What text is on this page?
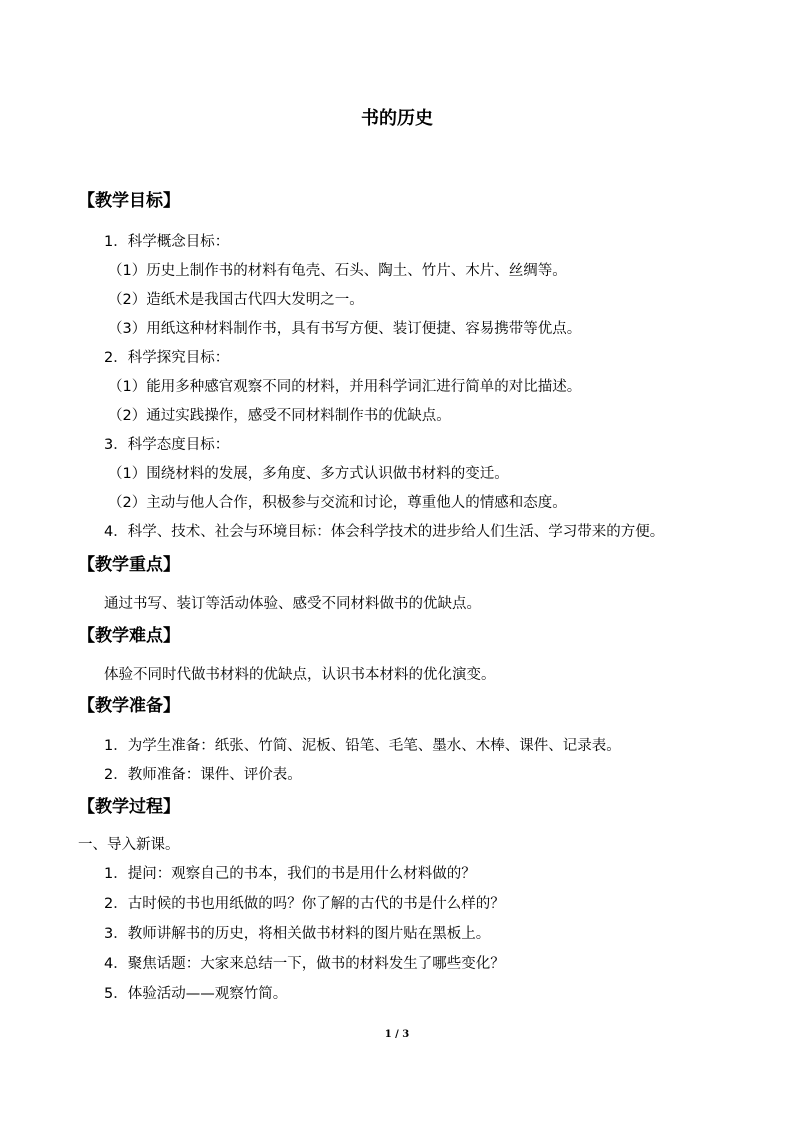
书的历史
【教学目标】
1．科学概念目标：
（1）历史上制作书的材料有龟壳、石头、陶土、竹片、木片、丝绸等。
（2）造纸术是我国古代四大发明之一。
（3）用纸这种材料制作书，具有书写方便、装订便捷、容易携带等优点。
2．科学探究目标：
（1）能用多种感官观察不同的材料，并用科学词汇进行简单的对比描述。
（2）通过实践操作，感受不同材料制作书的优缺点。
3．科学态度目标：
（1）围绕材料的发展，多角度、多方式认识做书材料的变迁。
（2）主动与他人合作，积极参与交流和讨论，尊重他人的情感和态度。
4．科学、技术、社会与环境目标：体会科学技术的进步给人们生活、学习带来的方便。
【教学重点】
通过书写、装订等活动体验、感受不同材料做书的优缺点。
【教学难点】
体验不同时代做书材料的优缺点，认识书本材料的优化演变。
【教学准备】
1．为学生准备：纸张、竹简、泥板、铅笔、毛笔、墨水、木棒、课件、记录表。
2．教师准备：课件、评价表。
【教学过程】
一、导入新课。
1．提问：观察自己的书本，我们的书是用什么材料做的？
2．古时候的书也用纸做的吗？你了解的古代的书是什么样的？
3．教师讲解书的历史，将相关做书材料的图片贴在黑板上。
4．聚焦话题：大家来总结一下，做书的材料发生了哪些变化？
5．体验活动——观察竹简。
1 / 3
